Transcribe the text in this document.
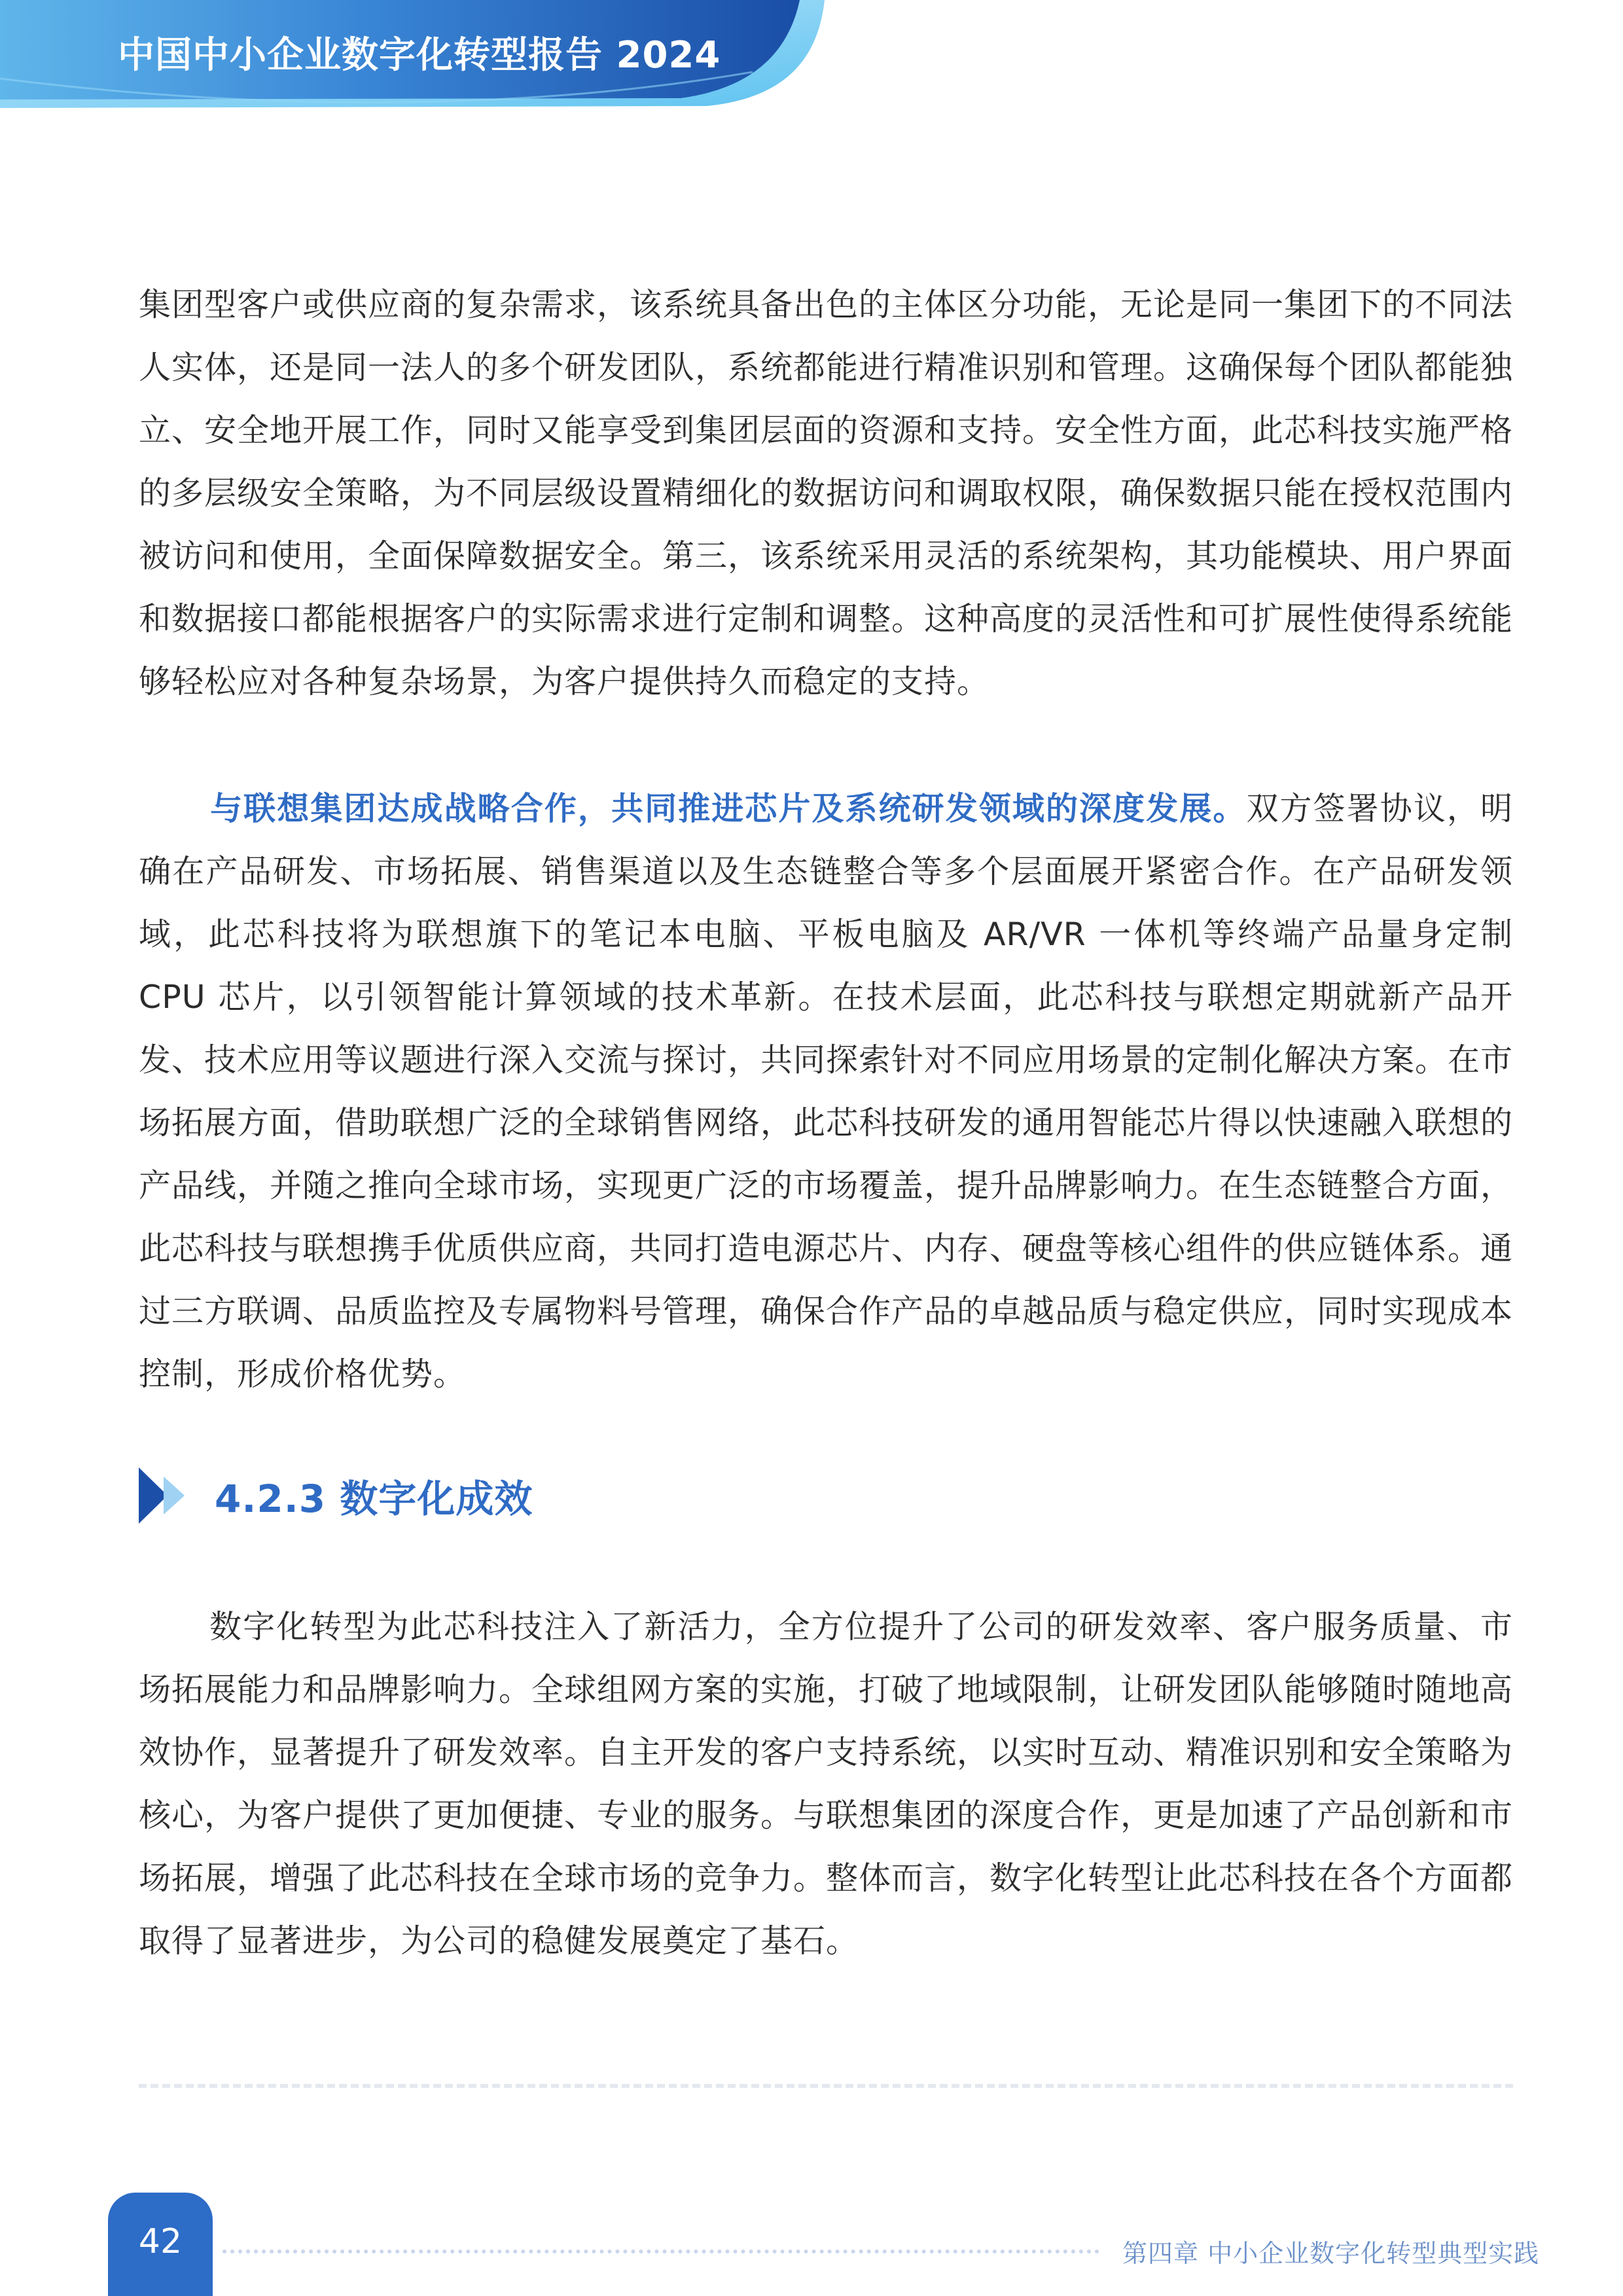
中国中小企业数字化转型报告 2024

集团型客户或供应商的复杂需求，该系统具备出色的主体区分功能，无论是同一集团下的不同法人实体，还是同一法人的多个研发团队，系统都能进行精准识别和管理。这确保每个团队都能独立、安全地开展工作，同时又能享受到集团层面的资源和支持。安全性方面，此芯科技实施严格的多层级安全策略，为不同层级设置精细化的数据访问和调取权限，确保数据只能在授权范围内被访问和使用，全面保障数据安全。第三，该系统采用灵活的系统架构，其功能模块、用户界面和数据接口都能根据客户的实际需求进行定制和调整。这种高度的灵活性和可扩展性使得系统能够轻松应对各种复杂场景，为客户提供持久而稳定的支持。

与联想集团达成战略合作，共同推进芯片及系统研发领域的深度发展。双方签署协议，明确在产品研发、市场拓展、销售渠道以及生态链整合等多个层面展开紧密合作。在产品研发领域，此芯科技将为联想旗下的笔记本电脑、平板电脑及 AR/VR 一体机等终端产品量身定制 CPU 芯片，以引领智能计算领域的技术革新。在技术层面，此芯科技与联想定期就新产品开发、技术应用等议题进行深入交流与探讨，共同探索针对不同应用场景的定制化解决方案。在市场拓展方面，借助联想广泛的全球销售网络，此芯科技研发的通用智能芯片得以快速融入联想的产品线，并随之推向全球市场，实现更广泛的市场覆盖，提升品牌影响力。在生态链整合方面，此芯科技与联想携手优质供应商，共同打造电源芯片、内存、硬盘等核心组件的供应链体系。通过三方联调、品质监控及专属物料号管理，确保合作产品的卓越品质与稳定供应，同时实现成本控制，形成价格优势。

4.2.3 数字化成效

数字化转型为此芯科技注入了新活力，全方位提升了公司的研发效率、客户服务质量、市场拓展能力和品牌影响力。全球组网方案的实施，打破了地域限制，让研发团队能够随时随地高效协作，显著提升了研发效率。自主开发的客户支持系统，以实时互动、精准识别和安全策略为核心，为客户提供了更加便捷、专业的服务。与联想集团的深度合作，更是加速了产品创新和市场拓展，增强了此芯科技在全球市场的竞争力。整体而言，数字化转型让此芯科技在各个方面都取得了显著进步，为公司的稳健发展奠定了基石。

42	第四章 中小企业数字化转型典型实践
